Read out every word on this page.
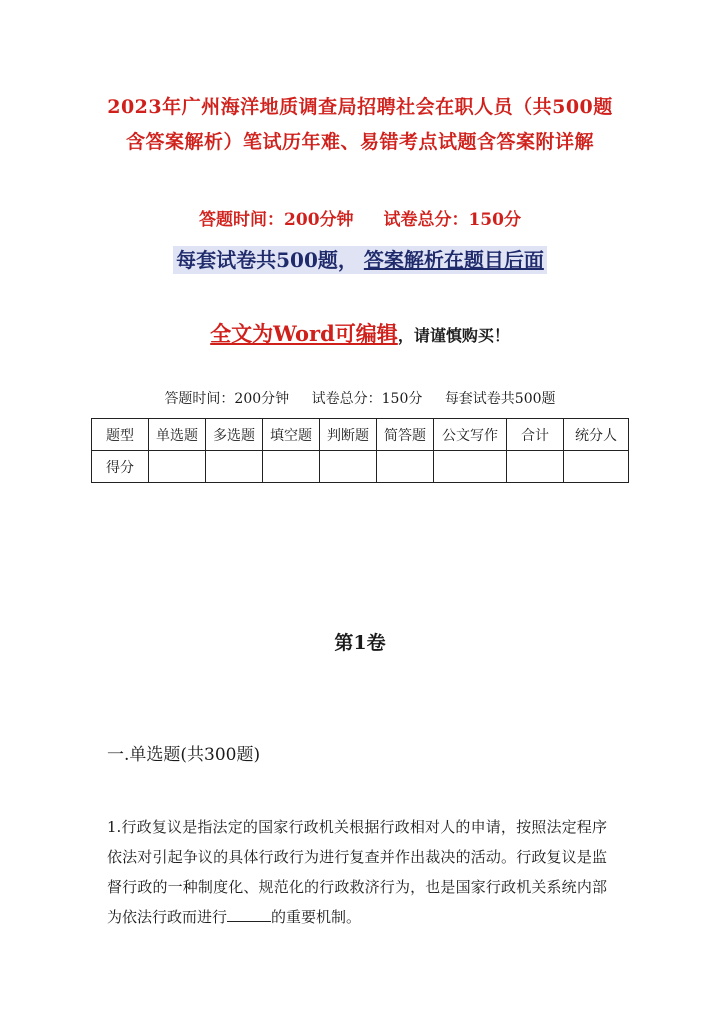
2023年广州海洋地质调查局招聘社会在职人员（共500题
含答案解析）笔试历年难、易错考点试题含答案附详解
答题时间：200分钟 试卷总分：150分
每套试卷共500题， 答案解析在题目后面
全文为Word可编辑，请谨慎购买！
答题时间：200分钟 试卷总分：150分 每套试卷共500题
题型	单选题	多选题	填空题	判断题	简答题	公文写作	合计	统分人
得分								
第1卷
一.单选题(共300题)
1.行政复议是指法定的国家行政机关根据行政相对人的申请，按照法定程序依法对引起争议的具体行政行为进行复查并作出裁决的活动。行政复议是监督行政的一种制度化、规范化的行政救济行为，也是国家行政机关系统内部为依法行政而进行	的重要机制。
